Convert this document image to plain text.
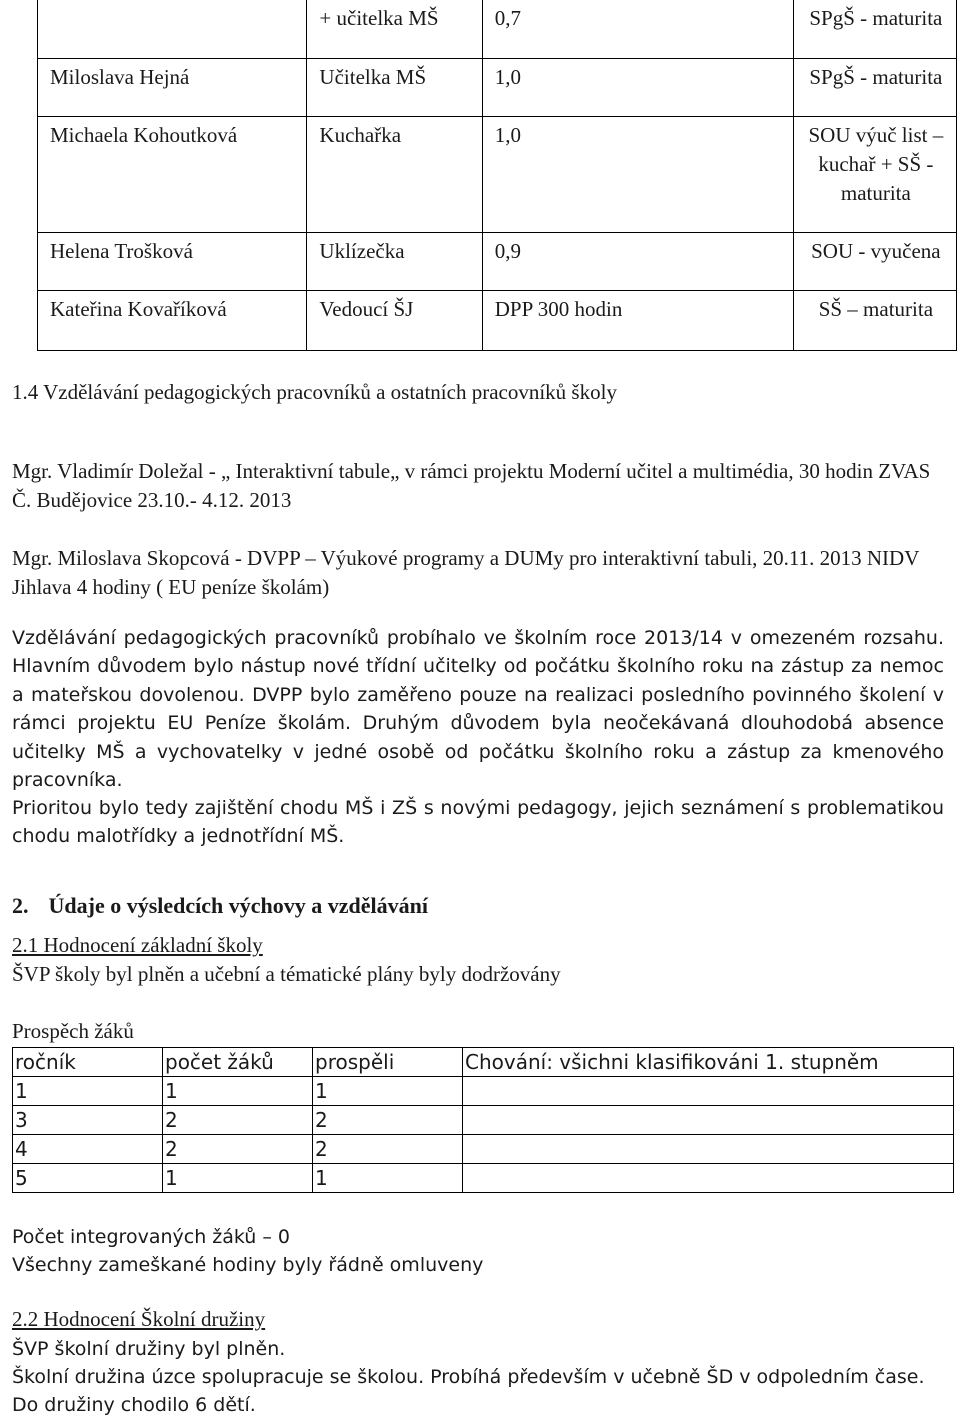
	+ učitelka MŠ	0,7	SPgŠ - maturita
Miloslava Hejná	Učitelka MŠ	1,0	SPgŠ - maturita
Michaela Kohoutková	Kuchařka	1,0	SOU výuč list – kuchař + SŠ - maturita
Helena Trošková	Uklízečka	0,9	SOU - vyučena
Kateřina Kovaříková	Vedoucí ŠJ	DPP 300 hodin	SŠ – maturita

1.4 Vzdělávání pedagogických pracovníků a ostatních pracovníků školy

Mgr. Vladimír Doležal - „ Interaktivní tabule„ v rámci projektu Moderní učitel a multimédia, 30 hodin ZVAS Č. Budějovice 23.10.- 4.12. 2013

Mgr. Miloslava Skopcová - DVPP – Výukové programy a DUMy pro interaktivní tabuli, 20.11. 2013 NIDV Jihlava 4 hodiny ( EU peníze školám)

Vzdělávání pedagogických pracovníků probíhalo ve školním roce 2013/14 v omezeném rozsahu. Hlavním důvodem bylo nástup nové třídní učitelky od počátku školního roku na zástup za nemoc a mateřskou dovolenou. DVPP bylo zaměřeno pouze na realizaci posledního povinného školení v rámci projektu EU Peníze školám. Druhým důvodem byla neočekávaná dlouhodobá absence učitelky MŠ a vychovatelky v jedné osobě od počátku školního roku a zástup za kmenového pracovníka.

Prioritou bylo tedy zajištění chodu MŠ i ZŠ s novými pedagogy, jejich seznámení s problematikou chodu malotřídky a jednotřídní MŠ.

2. Údaje o výsledcích výchovy a vzdělávání

2.1 Hodnocení základní školy

ŠVP školy byl plněn a učební a tématické plány byly dodržovány

Prospěch žáků

ročník	počet žáků	prospěli	Chování: všichni klasifikováni 1. stupněm
1	1	1	
3	2	2	
4	2	2	
5	1	1	

Počet integrovaných žáků – 0

Všechny zameškané hodiny byly řádně omluveny

2.2 Hodnocení Školní družiny

ŠVP školní družiny byl plněn.

Školní družina úzce spolupracuje se školou. Probíhá především v učebně ŠD v odpoledním čase. Do družiny chodilo 6 dětí.
